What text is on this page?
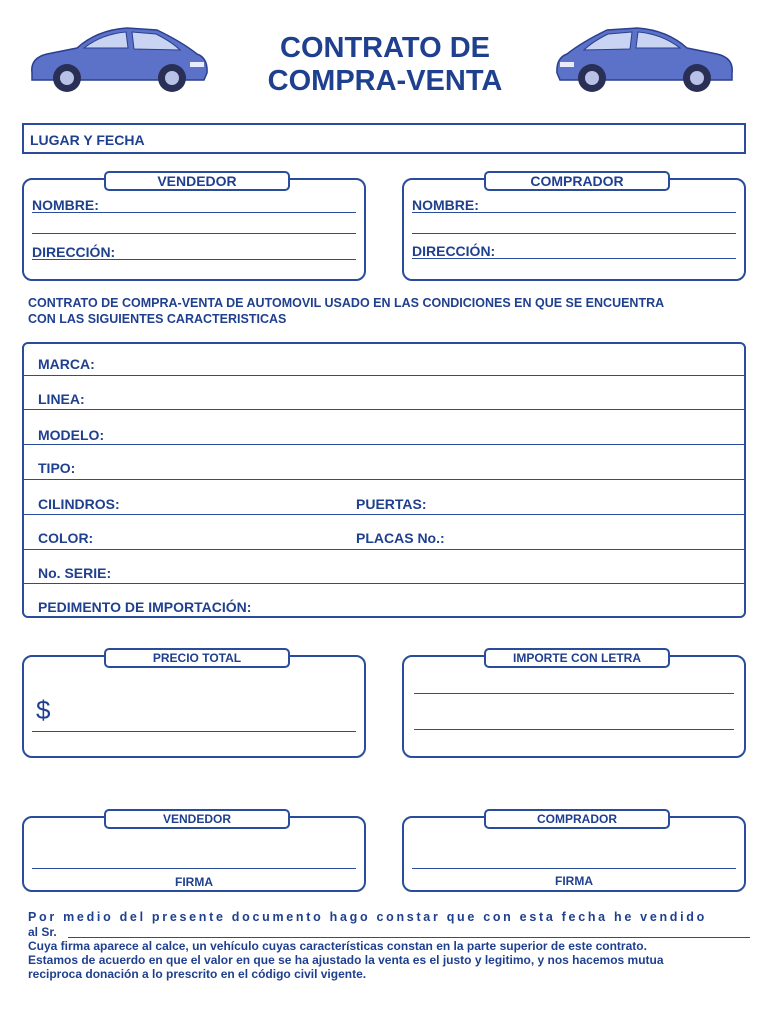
CONTRATO DE
COMPRA-VENTA
LUGAR Y FECHA
VENDEDOR
NOMBRE:
DIRECCIÓN:
COMPRADOR
NOMBRE:
DIRECCIÓN:
CONTRATO DE COMPRA-VENTA DE AUTOMOVIL USADO EN LAS CONDICIONES EN QUE SE ENCUENTRA
CON LAS SIGUIENTES CARACTERISTICAS
MARCA:
LINEA:
MODELO:
TIPO:
CILINDROS:	PUERTAS:
COLOR:	PLACAS No.:
No. SERIE:
PEDIMENTO DE IMPORTACIÓN:
PRECIO TOTAL
$
IMPORTE CON LETRA
VENDEDOR
FIRMA
COMPRADOR
FIRMA
Por medio del presente documento hago constar que con esta fecha he vendido
al Sr.
Cuya firma aparece al calce, un vehículo cuyas características constan en la parte superior de este contrato.
Estamos de acuerdo en que el valor en que se ha ajustado la venta es el justo y legitimo, y nos hacemos mutua
reciproca donación a lo prescrito en el código civil vigente.
